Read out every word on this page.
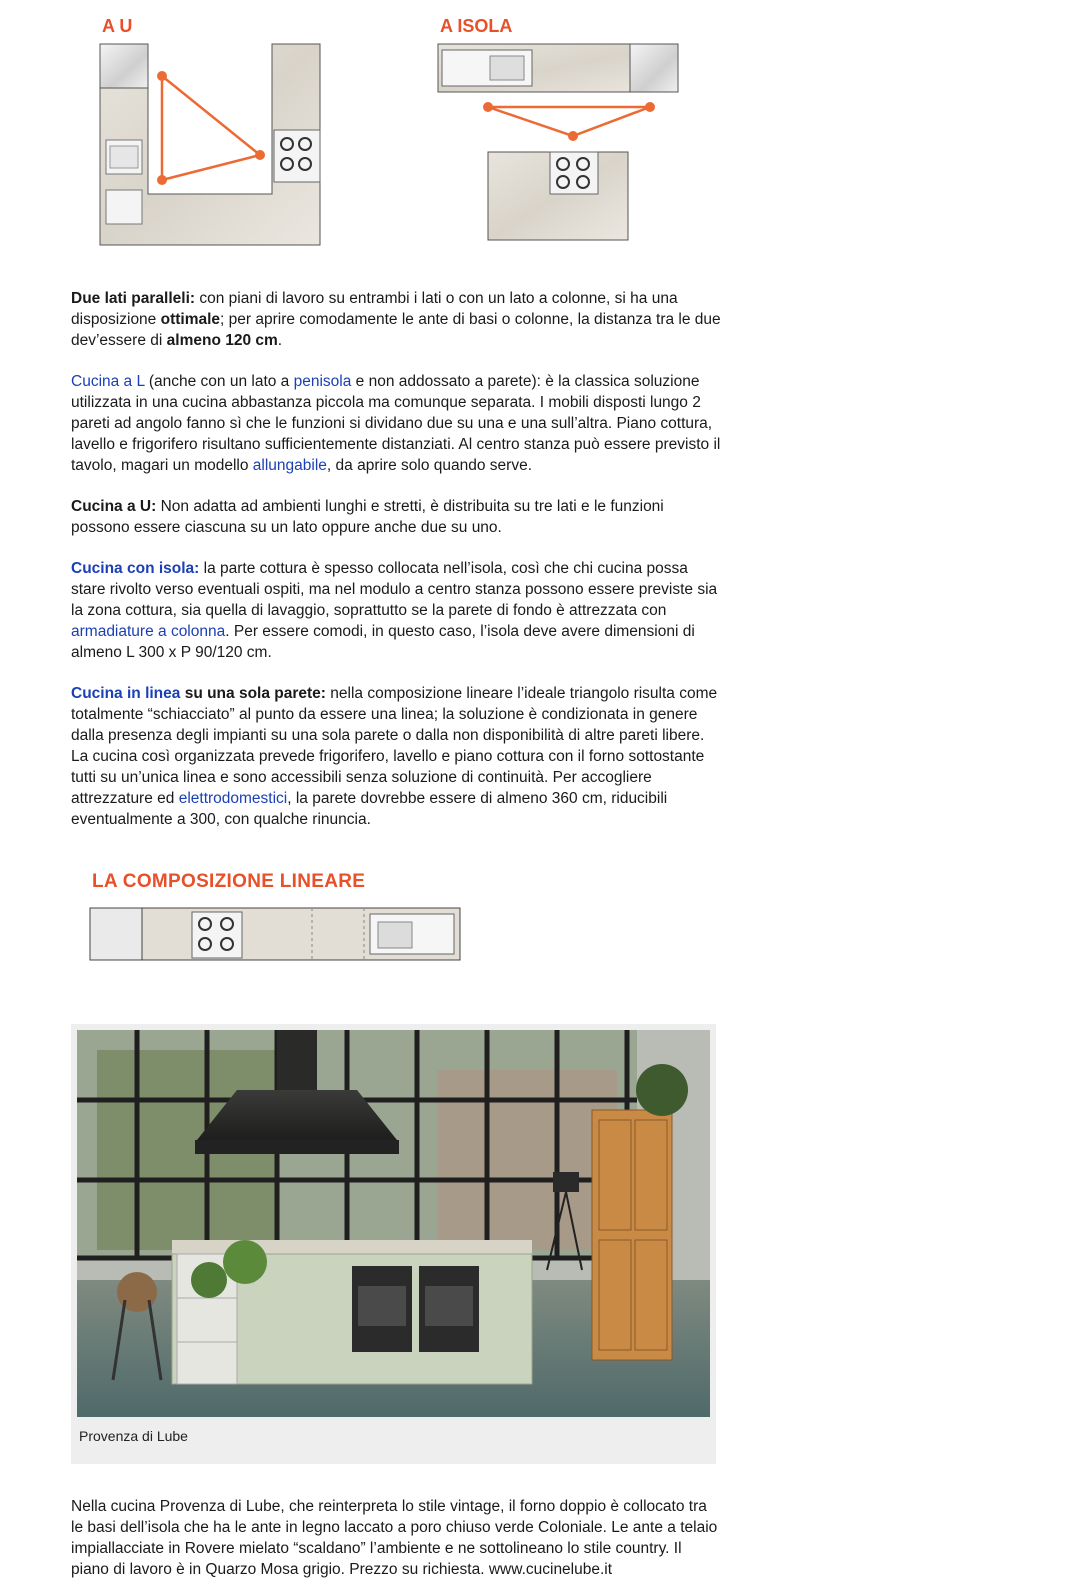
A U	A ISOLA

Due lati paralleli: con piani di lavoro su entrambi i lati o con un lato a colonne, si ha una disposizione ottimale; per aprire comodamente le ante di basi o colonne, la distanza tra le due dev’essere di almeno 120 cm.

Cucina a L (anche con un lato a penisola e non addossato a parete): è la classica soluzione utilizzata in una cucina abbastanza piccola ma comunque separata. I mobili disposti lungo 2 pareti ad angolo fanno sì che le funzioni si dividano due su una e una sull’altra. Piano cottura, lavello e frigorifero risultano sufficientemente distanziati. Al centro stanza può essere previsto il tavolo, magari un modello allungabile, da aprire solo quando serve.

Cucina a U: Non adatta ad ambienti lunghi e stretti, è distribuita su tre lati e le funzioni possono essere ciascuna su un lato oppure anche due su uno.

Cucina con isola: la parte cottura è spesso collocata nell’isola, così che chi cucina possa stare rivolto verso eventuali ospiti, ma nel modulo a centro stanza possono essere previste sia la zona cottura, sia quella di lavaggio, soprattutto se la parete di fondo è attrezzata con armadiature a colonna. Per essere comodi, in questo caso, l’isola deve avere dimensioni di almeno L 300 x P 90/120 cm.

Cucina in linea su una sola parete: nella composizione lineare l’ideale triangolo risulta come totalmente “schiacciato” al punto da essere una linea; la soluzione è condizionata in genere dalla presenza degli impianti su una sola parete o dalla non disponibilità di altre pareti libere. La cucina così organizzata prevede frigorifero, lavello e piano cottura con il forno sottostante tutti su un’unica linea e sono accessibili senza soluzione di continuità. Per accogliere attrezzature ed elettrodomestici, la parete dovrebbe essere di almeno 360 cm, riducibili eventualmente a 300, con qualche rinuncia.

LA COMPOSIZIONE LINEARE
Provenza di Lube

Nella cucina Provenza di Lube, che reinterpreta lo stile vintage, il forno doppio è collocato tra le basi dell’isola che ha le ante in legno laccato a poro chiuso verde Coloniale. Le ante a telaio impiallacciate in Rovere mielato “scaldano” l’ambiente e ne sottolineano lo stile country. Il piano di lavoro è in Quarzo Mosa grigio. Prezzo su richiesta. www.cucinelube.it
